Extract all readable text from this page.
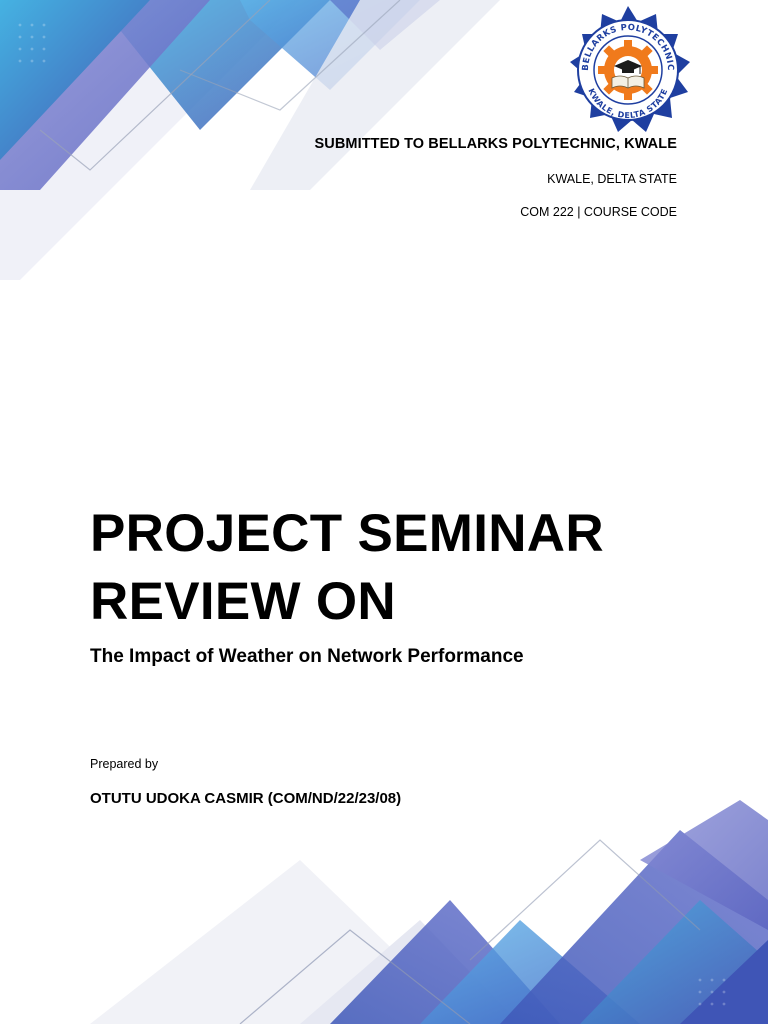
BELLARKS POLYTECHNIC
KWALE, DELTA STATE
SUBMITTED TO BELLARKS POLYTECHNIC, KWALE
KWALE, DELTA STATE
COM 222 | COURSE CODE
PROJECT SEMINAR
REVIEW ON
The Impact of Weather on Network Performance
Prepared by
OTUTU UDOKA CASMIR (COM/ND/22/23/08)
